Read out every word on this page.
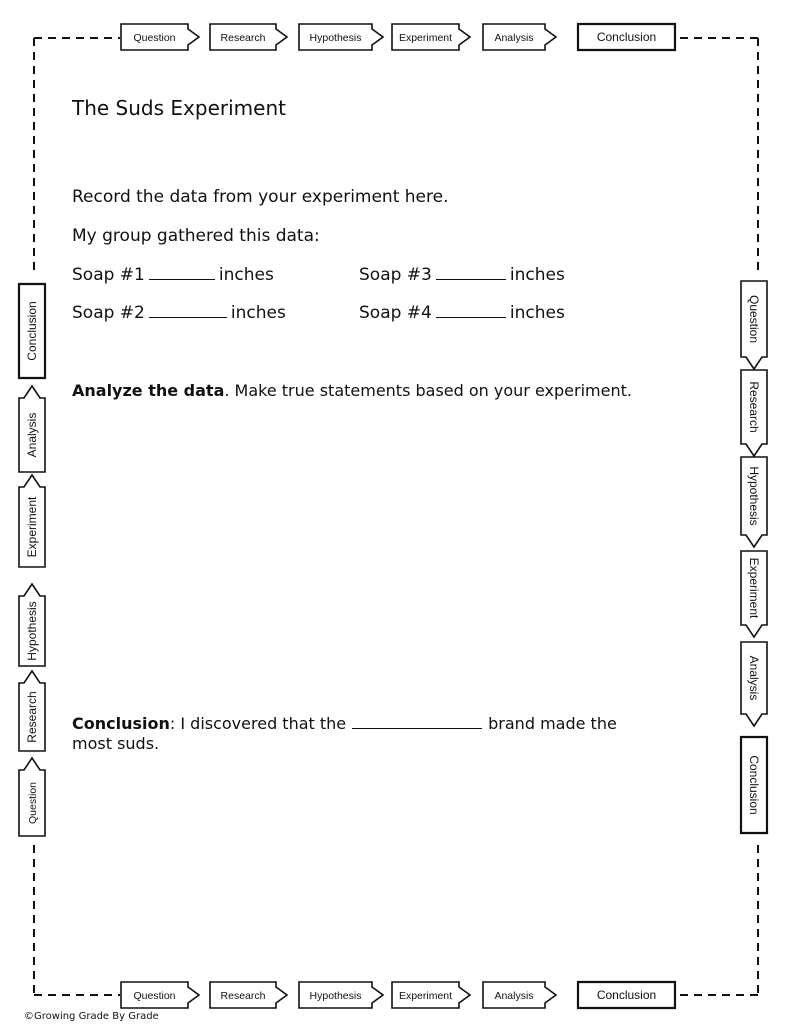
Question	Research	Hypothesis	Experiment	Analysis	Conclusion
Question	Research	Hypothesis	Experiment	Analysis	Conclusion
Conclusion
Analysis
Experiment
Hypothesis
Research
Question
Question
Research
Hypothesis
Experiment
Analysis
Conclusion
The Suds Experiment
Record the data from your experiment here.
My group gathered this data:
Soap #1	inches	Soap #3	inches
Soap #2	inches	Soap #4	inches
Analyze the data. Make true statements based on your experiment.
Conclusion: I discovered that the	brand made the
most suds.
©Growing Grade By Grade
